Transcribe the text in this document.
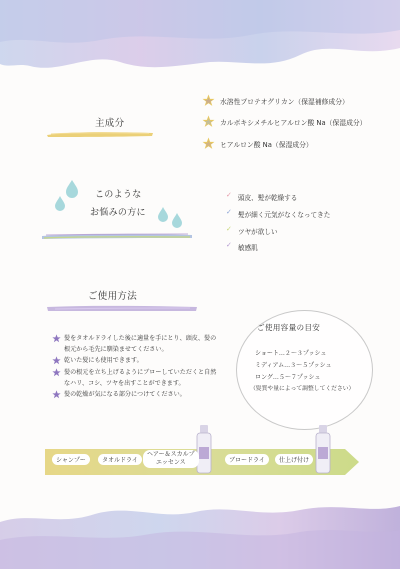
主成分
水溶性プロテオグリカン（保湿補修成分）
カルボキシメチルヒアルロン酸 Na（保湿成分）
ヒアルロン酸 Na（保湿成分）
このような
お悩みの方に
✓ 頭皮、髪が乾燥する
✓ 髪が細く元気がなくなってきた
✓ ツヤが欲しい
✓ 敏感肌
ご使用方法
髪をタオルドライした後に適量を手にとり、頭皮、髪の根元から毛先に馴染ませてください。
乾いた髪にも使用できます。
髪の根元を立ち上げるようにブローしていただくと自然なハリ、コシ、ツヤを出すことができます。
髪の乾燥が気になる部分につけてください。
ご使用容量の目安
ショート…２〜３プッシュ
ミディアム…３〜５プッシュ
ロング…５〜７プッシュ
（髪質や量によって調整してください）
シャンプー	タオルドライ
ヘアー＆スカルプ
エッセンス	ブロードライ	仕上げ付け
